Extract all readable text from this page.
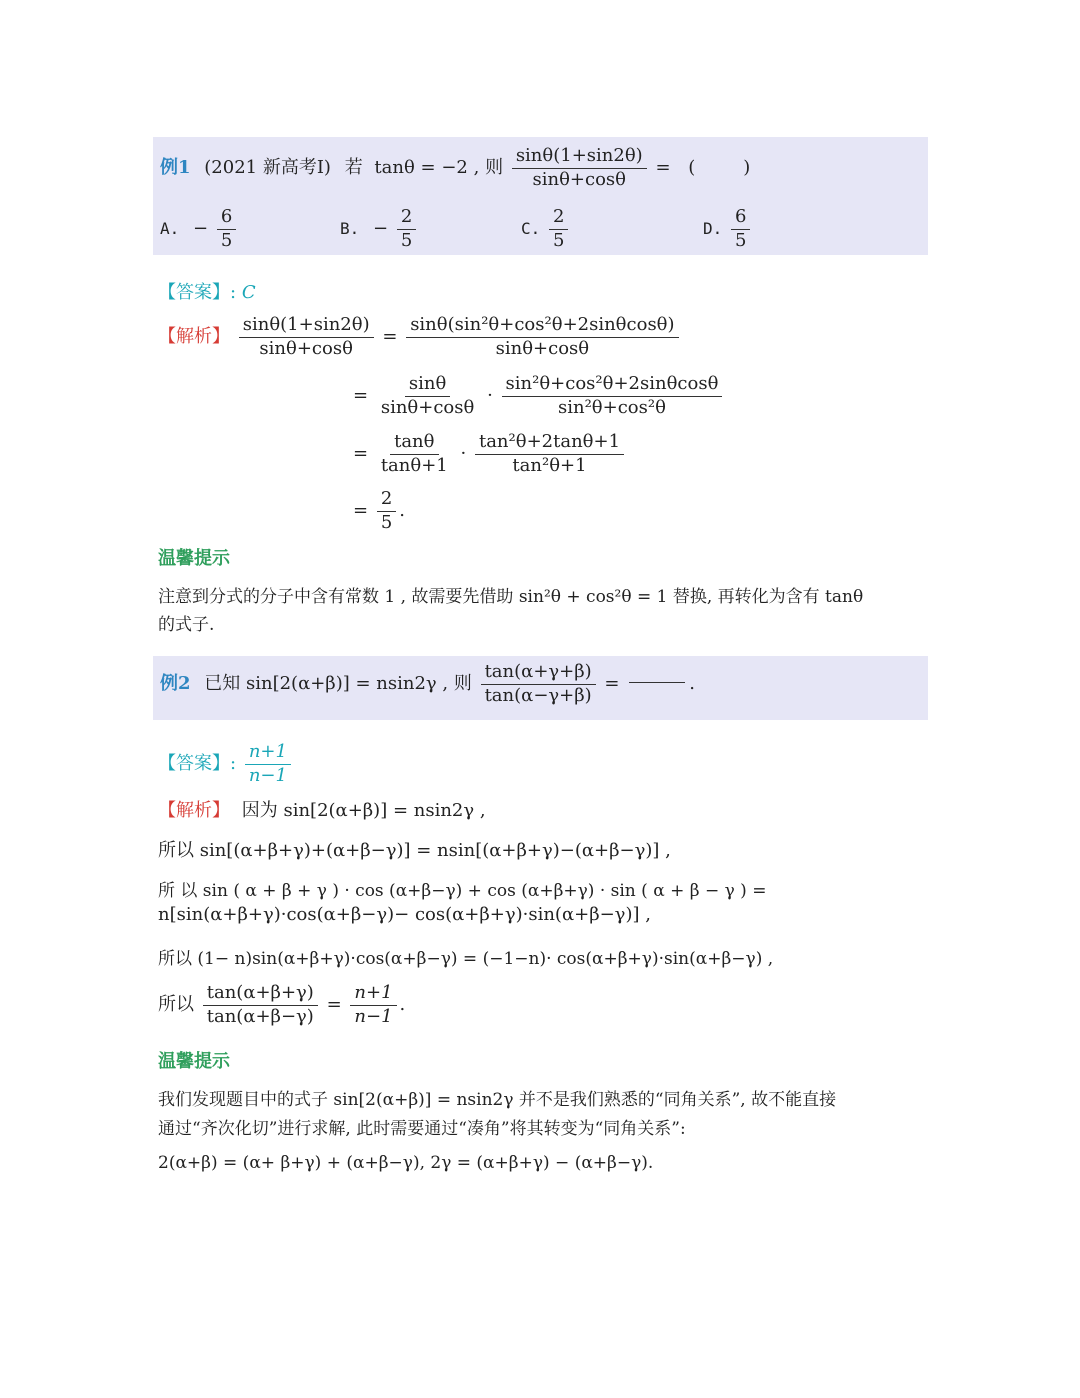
例1 (2021 新高考I) 若 tanθ = −2 , 则 $\frac{\sin\theta(1+\sin 2\theta)}{\sin\theta+\cos\theta}$ = (	)
A. − $\frac{6}{5}$	B. − $\frac{2}{5}$	C. $\frac{2}{5}$	D. $\frac{6}{5}$
【答案】: C
【解析】 $\frac{\sin\theta(1+\sin 2\theta)}{\sin\theta+\cos\theta} = \frac{\text{sinθ(sin²θ+cos²θ+2sinθcosθ)}}{\sin\theta+\cos\theta}$
= $\frac{\sin\theta}{\sin\theta+\cos\theta} \cdot \frac{\text{sin²θ+cos²θ+2sinθcosθ}}{\text{sin²θ+cos²θ}}$
= $\frac{\tan\theta}{\tan\theta+1} \cdot \frac{\text{tan²θ+2tanθ+1}}{\text{tan²θ+1}}$
= $\frac{2}{5}$ .
温馨提示
注意到分式的分子中含有常数 1 , 故需要先借助 sin²θ + cos²θ = 1 替换, 再转化为含有 tanθ
的式子.
例2 已知 sin[2(α+β)] = nsin2γ , 则 $\frac{\tan(\alpha+\gamma+\beta)}{\tan(\alpha-\gamma+\beta)}$ =	.
【答案】: $\frac{n+1}{n-1}$
【解析】 因为 sin[2(α+β)] = nsin2γ ,
所以 sin[(α+β+γ)+(α+β−γ)] = nsin[(α+β+γ)−(α+β−γ)] ,
所 以 sin ( α + β + γ ) · cos (α+β−γ) + cos (α+β+γ) · sin ( α + β − γ ) =
n[sin(α+β+γ)·cos(α+β−γ)− cos(α+β+γ)·sin(α+β−γ)] ,
所以 (1− n)sin(α+β+γ)·cos(α+β−γ) = (−1−n)· cos(α+β+γ)·sin(α+β−γ) ,
所以 $\frac{\tan(\alpha+\beta+\gamma)}{\tan(\alpha+\beta-\gamma)} = \frac{n+1}{n-1}$ .
温馨提示
我们发现题目中的式子 sin[2(α+β)] = nsin2γ 并不是我们熟悉的“同角关系”, 故不能直接
通过“齐次化切”进行求解, 此时需要通过“凑角”将其转变为“同角关系”:
2(α+β) = (α+ β+γ) + (α+β−γ), 2γ = (α+β+γ) − (α+β−γ).
